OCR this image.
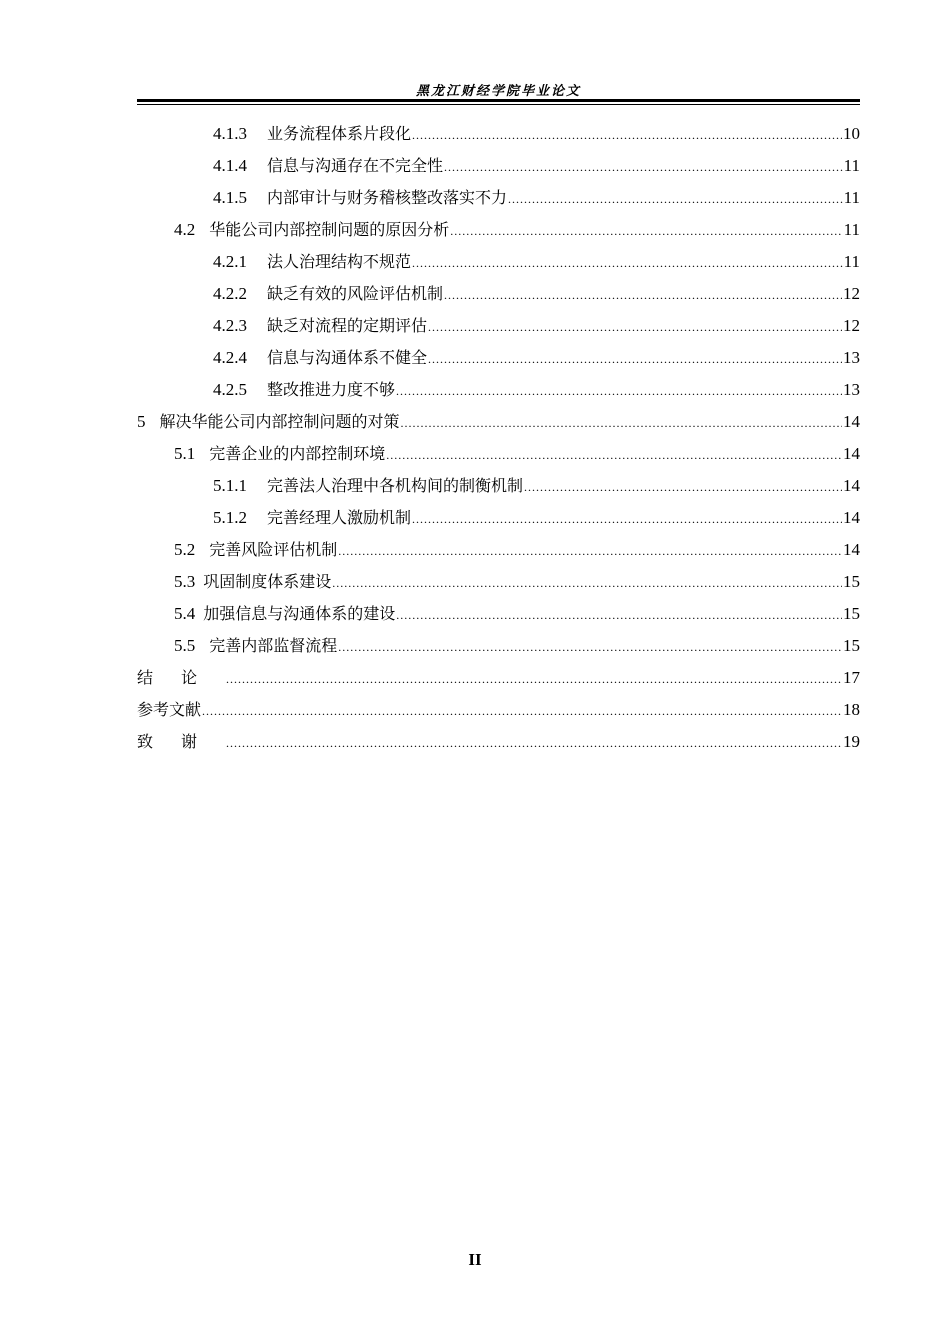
黑龙江财经学院毕业论文
4.1.3 业务流程体系片段化 .....	10
4.1.4 信息与沟通存在不完全性 .....	11
4.1.5 内部审计与财务稽核整改落实不力 .....	11
4.2 华能公司内部控制问题的原因分析 .....	11
4.2.1 法人治理结构不规范 .....	11
4.2.2 缺乏有效的风险评估机制 .....	12
4.2.3 缺乏对流程的定期评估 .....	12
4.2.4 信息与沟通体系不健全 .....	13
4.2.5 整改推进力度不够 .....	13
5 解决华能公司内部控制问题的对策 .....	14
5.1 完善企业的内部控制环境 .....	14
5.1.1 完善法人治理中各机构间的制衡机制 .....	14
5.1.2 完善经理人激励机制 .....	14
5.2 完善风险评估机制 .....	14
5.3 巩固制度体系建设 .....	15
5.4 加强信息与沟通体系的建设 .....	15
5.5 完善内部监督流程 .....	15
结论 .....	17
参考文献 .....	18
致谢 .....	19
II
